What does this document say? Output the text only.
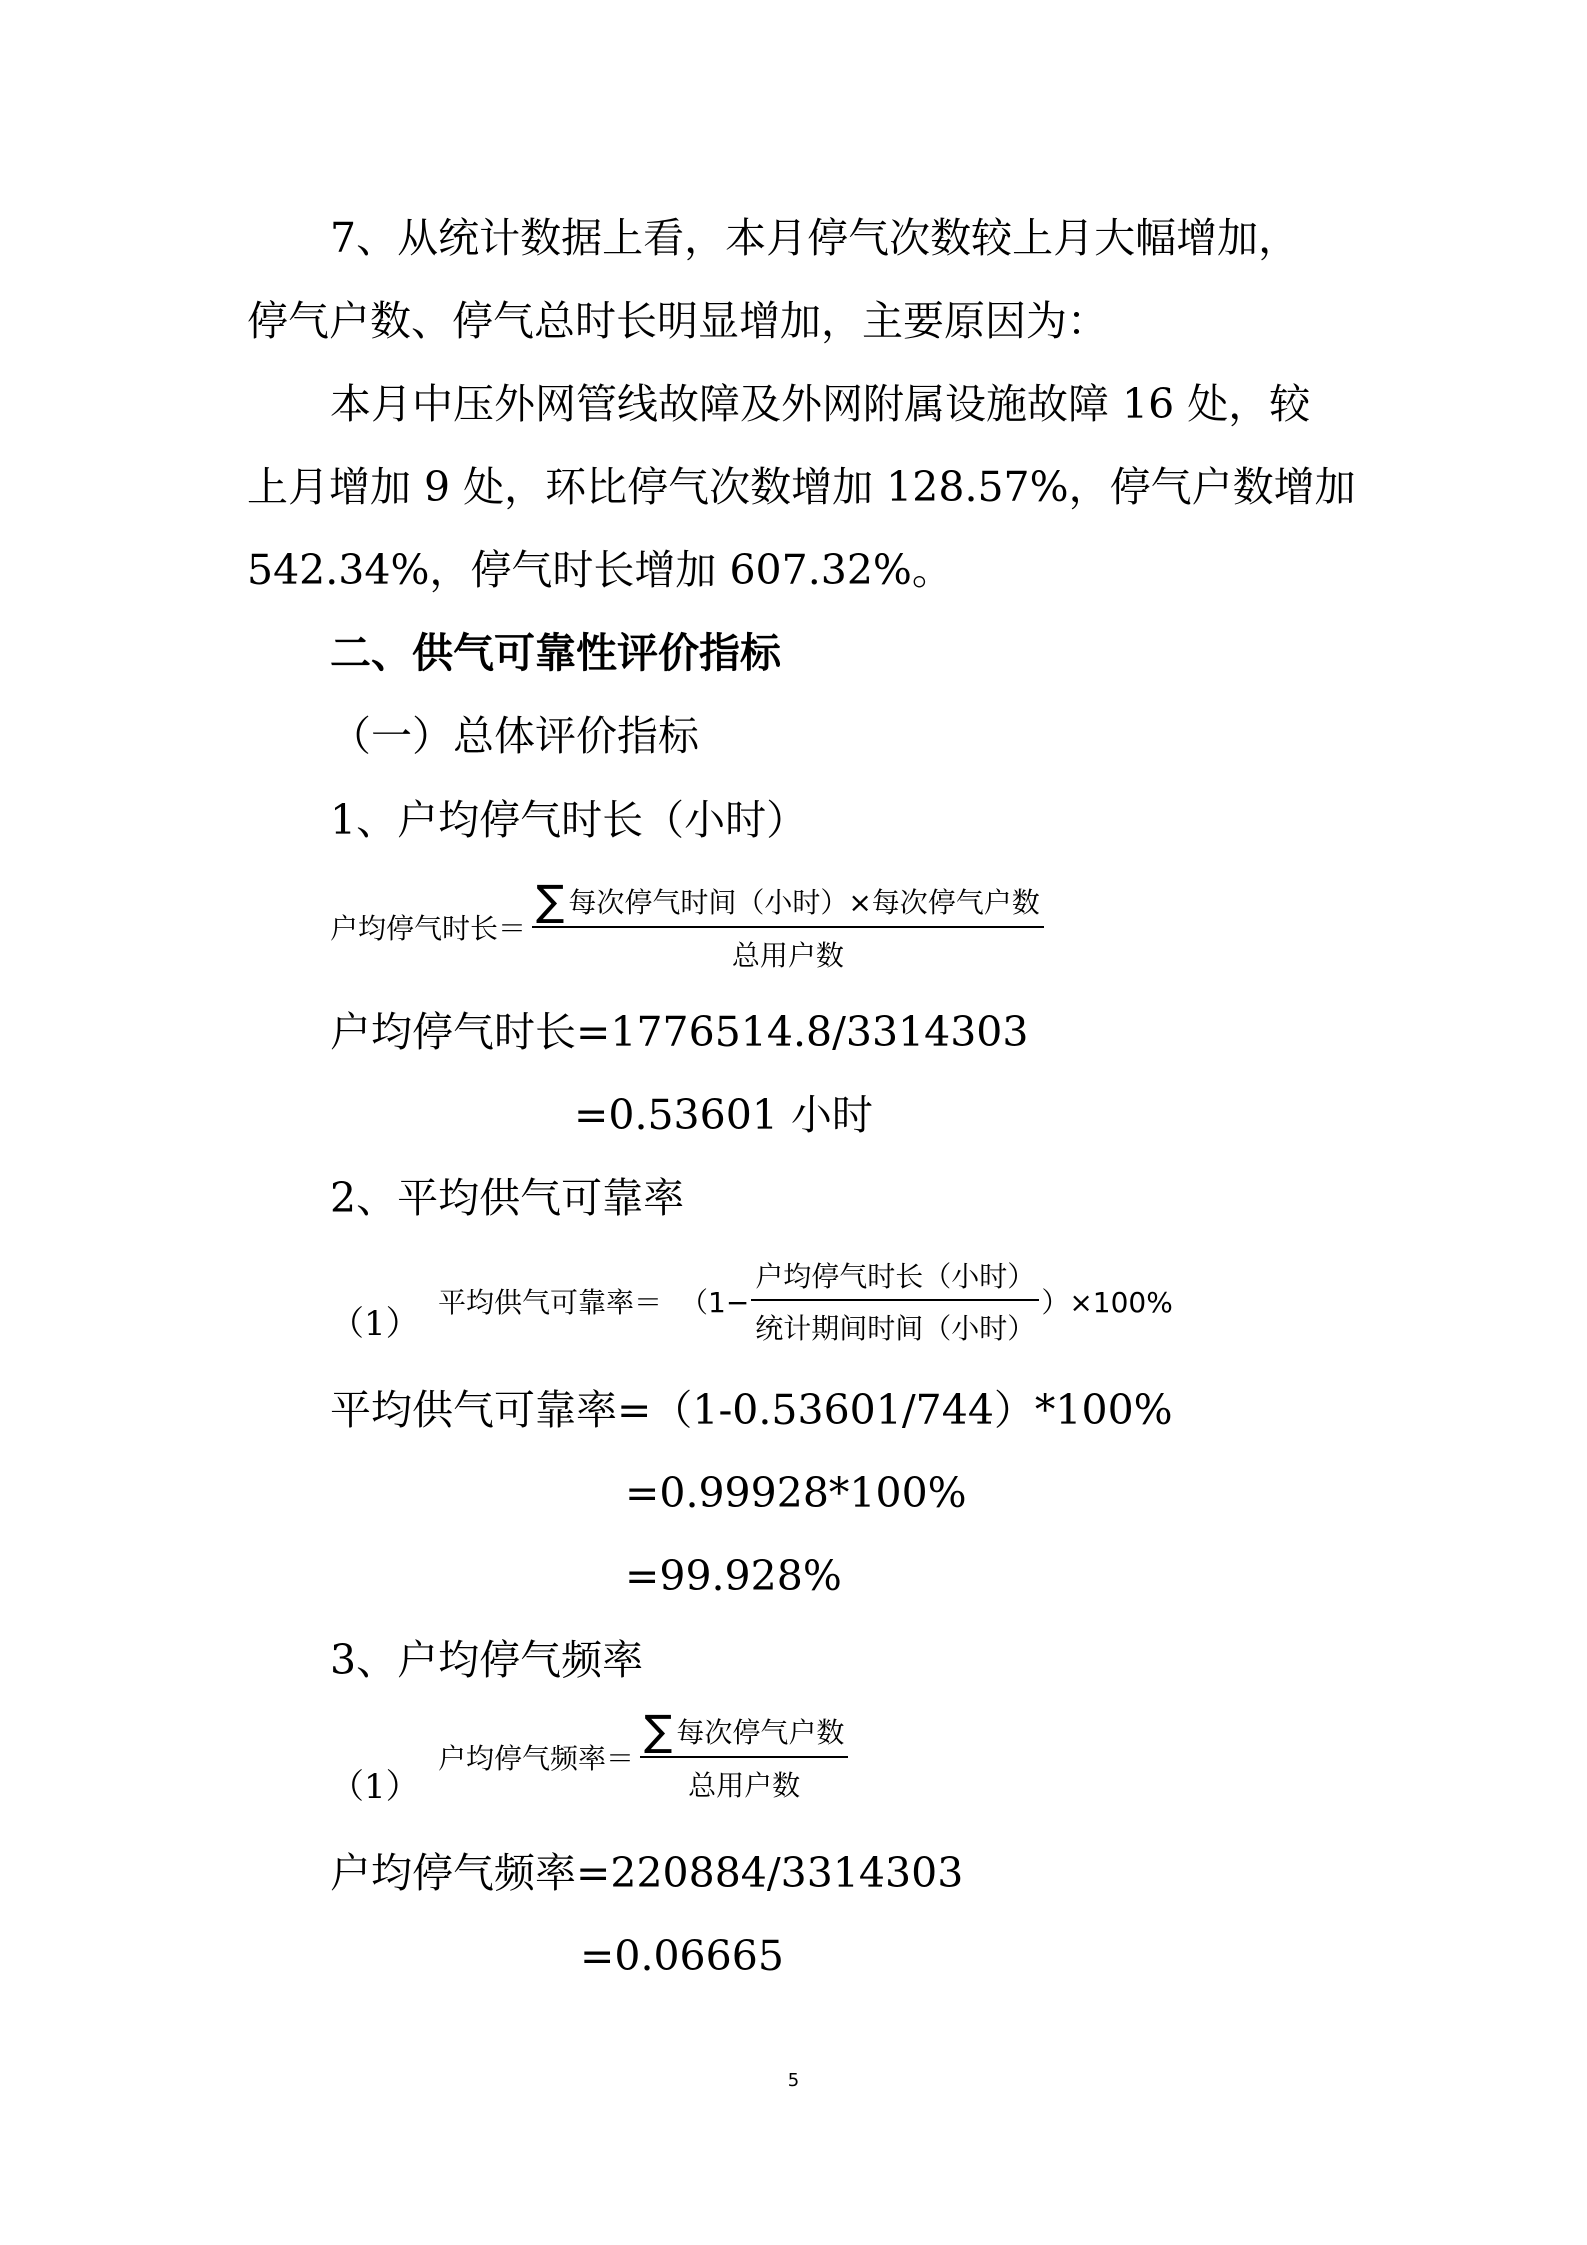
7、从统计数据上看，本月停气次数较上月大幅增加，
停气户数、停气总时长明显增加，主要原因为：
本月中压外网管线故障及外网附属设施故障 16 处，较
上月增加 9 处，环比停气次数增加 128.57%，停气户数增加
542.34%，停气时长增加 607.32%。
二、供气可靠性评价指标
（一）总体评价指标
1、户均停气时长（小时）
户均停气时长＝ $\frac{\text{∑ 每次停气时间（小时）×每次停气户数}}{\text{总用户数}}$
户均停气时长=1776514.8/3314303
=0.53601 小时
2、平均供气可靠率
（1）
平均供气可靠率＝ $(1- \frac{\text{户均停气时长（小时）}}{\text{统计期间时间（小时）}} )\times 100\%$
平均供气可靠率=（1-0.53601/744）*100%
=0.99928*100%
=99.928%
3、户均停气频率
（1）
户均停气频率＝ $\frac{\text{∑ 每次停气户数}}{\text{总用户数}}$
户均停气频率=220884/3314303
=0.06665
5
